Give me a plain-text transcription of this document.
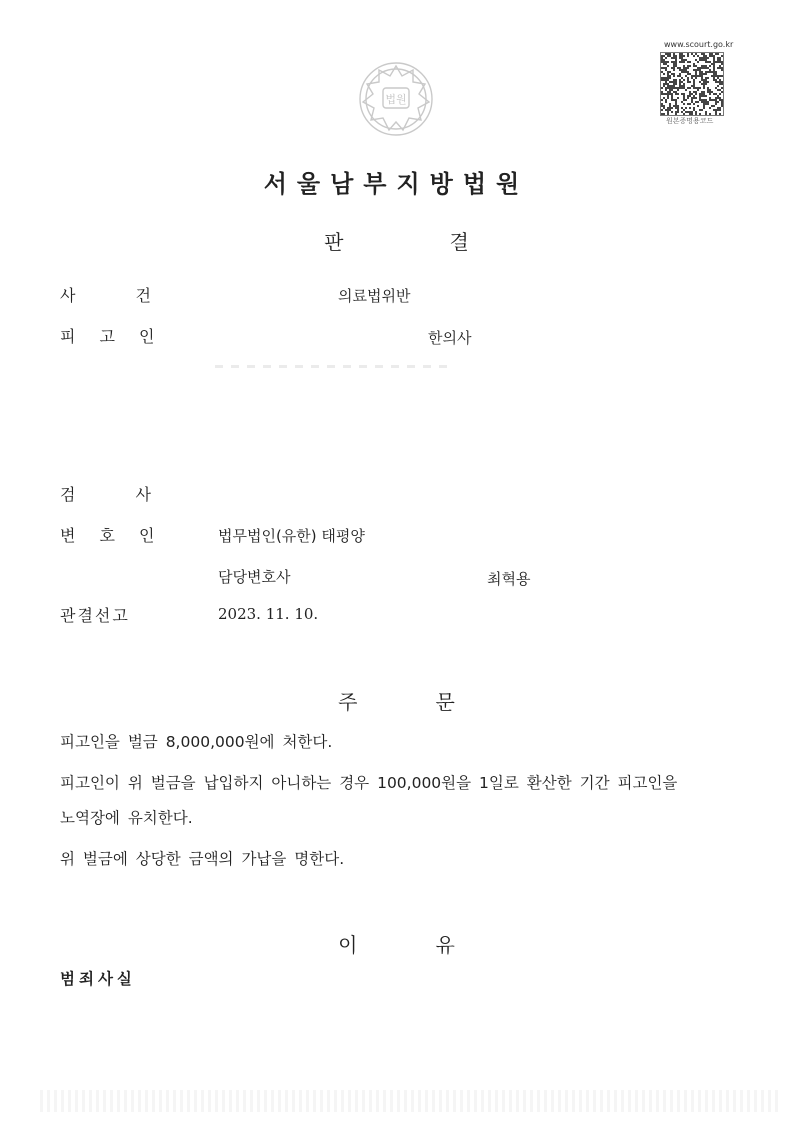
법원
www.scourt.go.kr
원본증명용코드
서울남부지방법원
판	결
사	건	의료법위반
피 고 인	한의사
검	사
변 호 인	법무법인(유한) 태평양
담당변호사	최혁용
관결선고	2023. 11. 10.
주	문
피고인을 벌금 8,000,000원에 처한다.
피고인이 위 벌금을 납입하지 아니하는 경우 100,000원을 1일로 환산한 기간 피고인을
노역장에 유치한다.
위 벌금에 상당한 금액의 가납을 명한다.
이	유
범죄사실
